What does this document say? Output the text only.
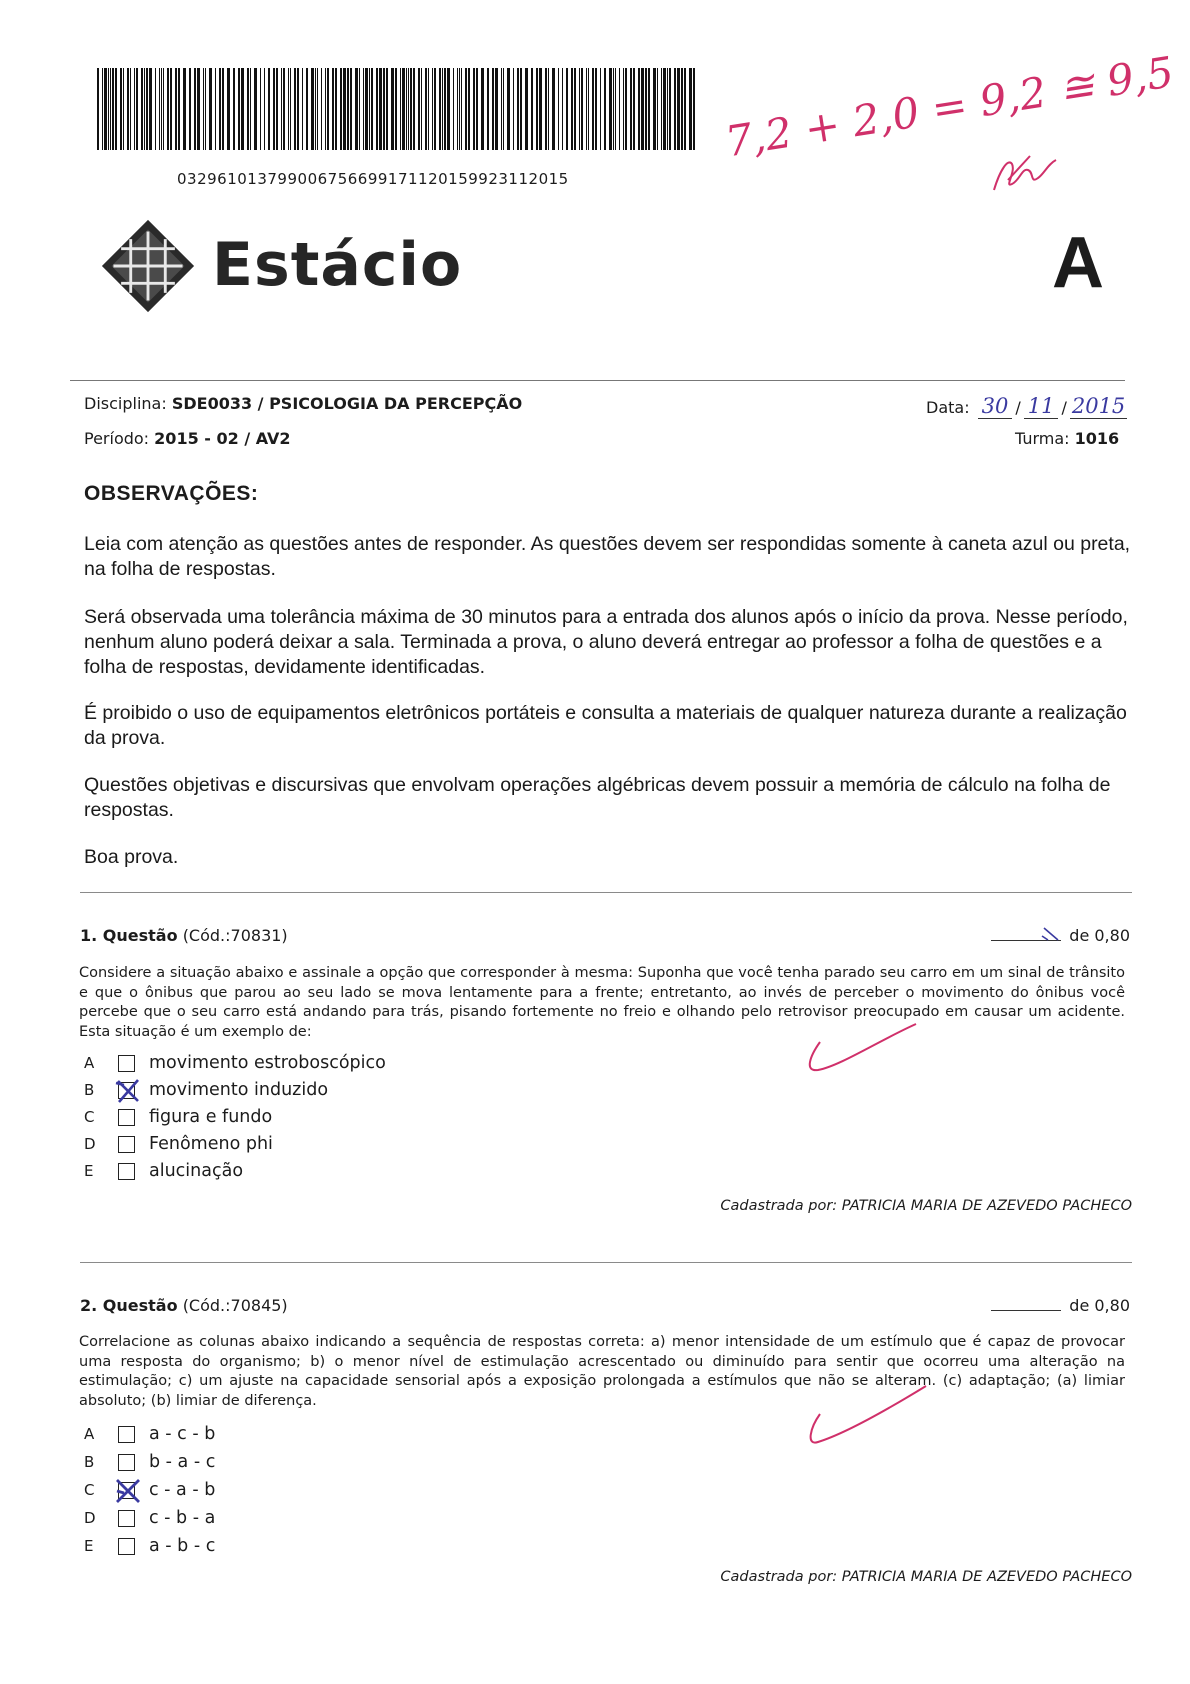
032961013799006756699171120159923112015
Estácio
7,2 + 2,0 = 9,2 ≅ 9,5
A
Disciplina: SDE0033 / PSICOLOGIA DA PERCEPÇÃO	Data: 30 / 11 / 2015
Período: 2015 - 02 / AV2	Turma: 1016
OBSERVAÇÕES:
Leia com atenção as questões antes de responder. As questões devem ser respondidas somente à caneta azul ou preta, na folha de respostas.
Será observada uma tolerância máxima de 30 minutos para a entrada dos alunos após o início da prova. Nesse período, nenhum aluno poderá deixar a sala. Terminada a prova, o aluno deverá entregar ao professor a folha de questões e a folha de respostas, devidamente identificadas.
É proibido o uso de equipamentos eletrônicos portáteis e consulta a materiais de qualquer natureza durante a realização da prova.
Questões objetivas e discursivas que envolvam operações algébricas devem possuir a memória de cálculo na folha de respostas.
Boa prova.
1. Questão (Cód.:70831)	de 0,80
Considere a situação abaixo e assinale a opção que corresponder à mesma: Suponha que você tenha parado seu carro em um sinal de trânsito e que o ônibus que parou ao seu lado se mova lentamente para a frente; entretanto, ao invés de perceber o movimento do ônibus você percebe que o seu carro está andando para trás, pisando fortemente no freio e olhando pelo retrovisor preocupado em causar um acidente. Esta situação é um exemplo de:
A	movimento estroboscópico
B	movimento induzido
C	figura e fundo
D	Fenômeno phi
E	alucinação
Cadastrada por: PATRICIA MARIA DE AZEVEDO PACHECO
2. Questão (Cód.:70845)	de 0,80
Correlacione as colunas abaixo indicando a sequência de respostas correta: a) menor intensidade de um estímulo que é capaz de provocar uma resposta do organismo; b) o menor nível de estimulação acrescentado ou diminuído para sentir que ocorreu uma alteração na estimulação; c) um ajuste na capacidade sensorial após a exposição prolongada a estímulos que não se alteram. (c) adaptação; (a) limiar absoluto; (b) limiar de diferença.
A	a - c - b
B	b - a - c
C	c - a - b
D	c - b - a
E	a - b - c
Cadastrada por: PATRICIA MARIA DE AZEVEDO PACHECO
